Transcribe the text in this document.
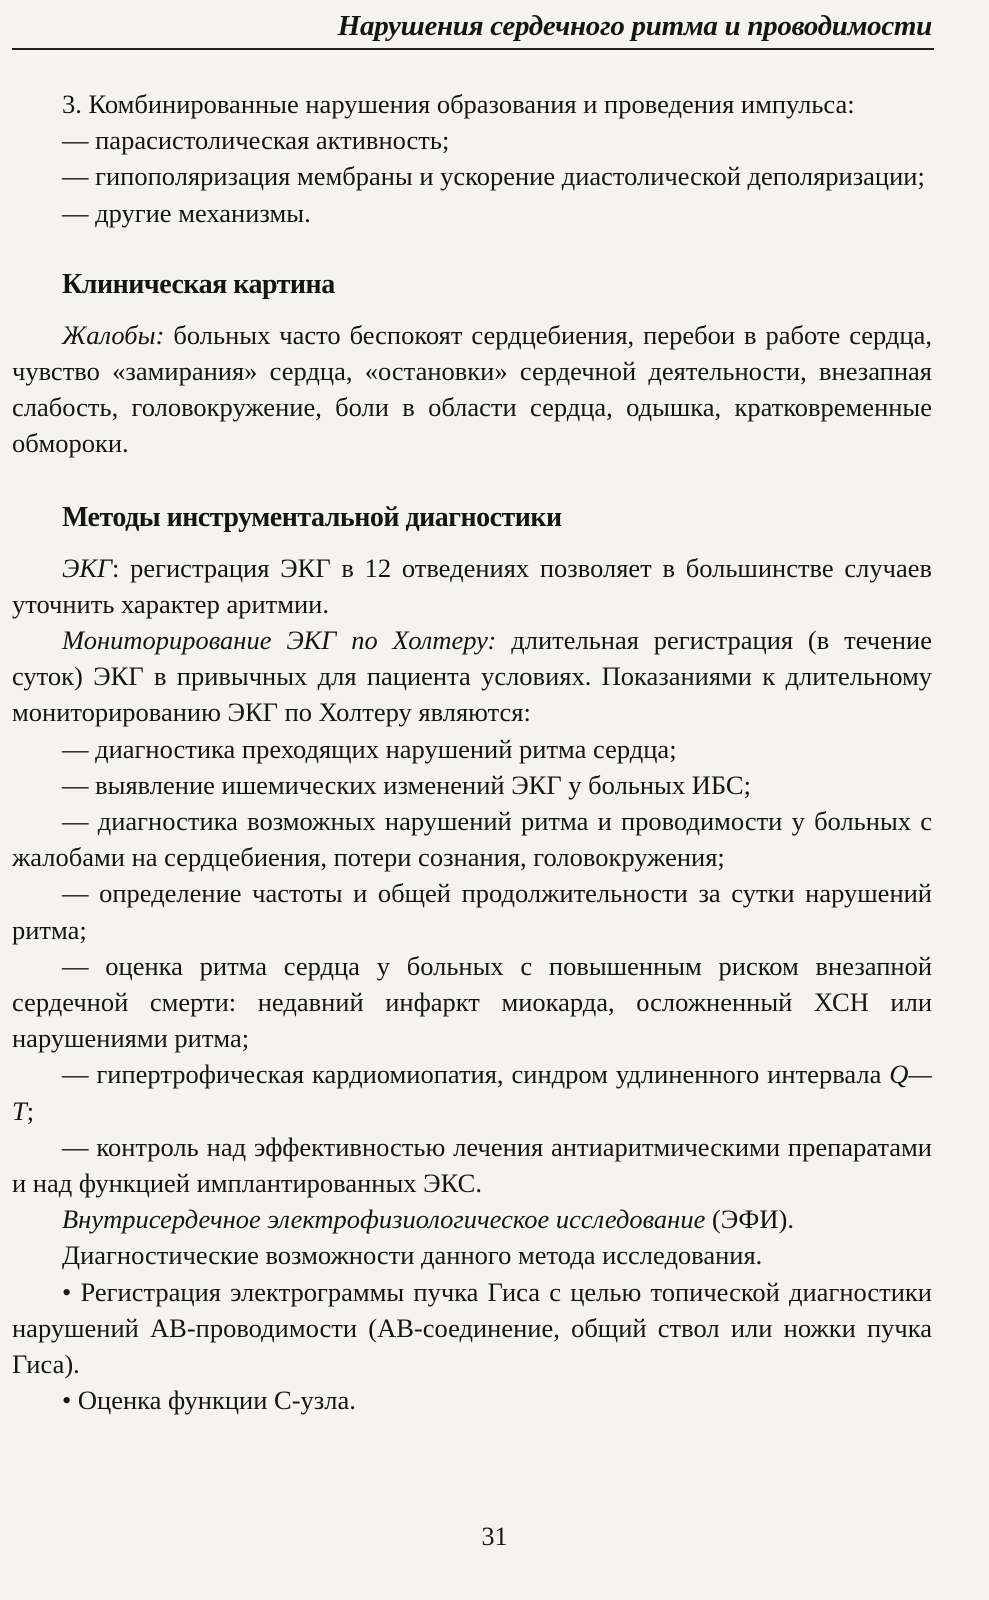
Нарушения сердечного ритма и проводимости

3. Комбинированные нарушения образования и проведения импульса:

— парасистолическая активность;

— гипополяризация мембраны и ускорение диастолической деполяризации;

— другие механизмы.

Клиническая картина

Жалобы: больных часто беспокоят сердцебиения, перебои в работе сердца, чувство «замирания» сердца, «остановки» сердечной деятельности, внезапная слабость, головокружение, боли в области сердца, одышка, кратковременные обмороки.

Методы инструментальной диагностики

ЭКГ: регистрация ЭКГ в 12 отведениях позволяет в большинстве случаев уточнить характер аритмии.

Мониторирование ЭКГ по Холтеру: длительная регистрация (в течение суток) ЭКГ в привычных для пациента условиях. Показаниями к длительному мониторированию ЭКГ по Холтеру являются:

— диагностика преходящих нарушений ритма сердца;

— выявление ишемических изменений ЭКГ у больных ИБС;

— диагностика возможных нарушений ритма и проводимости у больных с жалобами на сердцебиения, потери сознания, головокружения;

— определение частоты и общей продолжительности за сутки нарушений ритма;

— оценка ритма сердца у больных с повышенным риском внезапной сердечной смерти: недавний инфаркт миокарда, осложненный ХСН или нарушениями ритма;

— гипертрофическая кардиомиопатия, синдром удлиненного интервала Q—T;

— контроль над эффективностью лечения антиаритмическими препаратами и над функцией имплантированных ЭКС.

Внутрисердечное электрофизиологическое исследование (ЭФИ).

Диагностические возможности данного метода исследования.

• Регистрация электрограммы пучка Гиса с целью топической диагностики нарушений АВ-проводимости (АВ-соединение, общий ствол или ножки пучка Гиса).

• Оценка функции С-узла.

31
